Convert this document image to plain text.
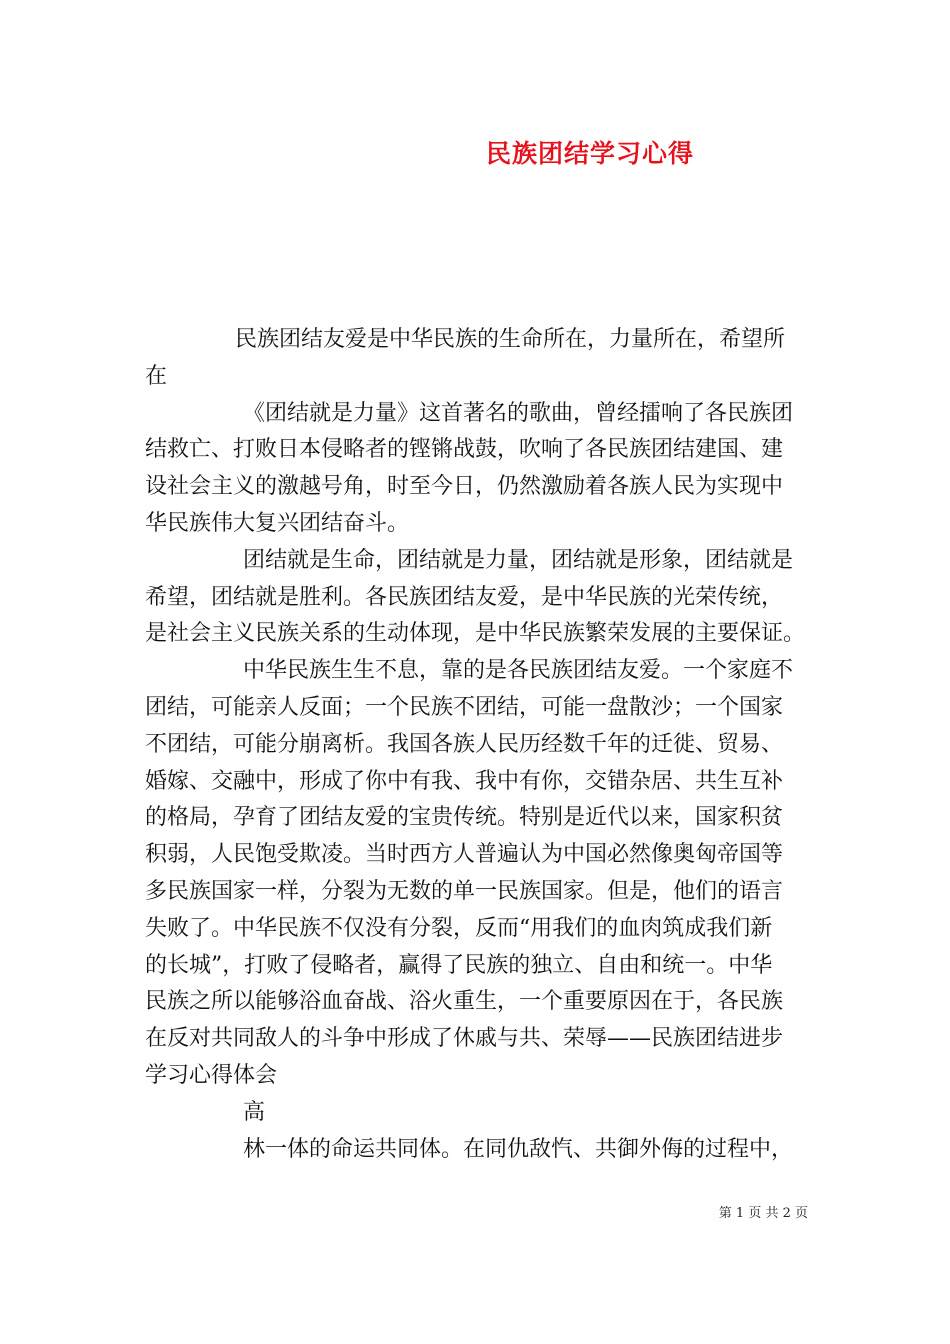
民族团结学习心得
民族团结友爱是中华民族的生命所在，力量所在，希望所
在
《团结就是力量》这首著名的歌曲，曾经擂响了各民族团
结救亡、打败日本侵略者的铿锵战鼓，吹响了各民族团结建国、建
设社会主义的激越号角，时至今日，仍然激励着各族人民为实现中
华民族伟大复兴团结奋斗。
团结就是生命，团结就是力量，团结就是形象，团结就是
希望，团结就是胜利。各民族团结友爱，是中华民族的光荣传统，
是社会主义民族关系的生动体现，是中华民族繁荣发展的主要保证。
中华民族生生不息，靠的是各民族团结友爱。一个家庭不
团结，可能亲人反面；一个民族不团结，可能一盘散沙；一个国家
不团结，可能分崩离析。我国各族人民历经数千年的迁徙、贸易、
婚嫁、交融中，形成了你中有我、我中有你，交错杂居、共生互补
的格局，孕育了团结友爱的宝贵传统。特别是近代以来，国家积贫
积弱，人民饱受欺凌。当时西方人普遍认为中国必然像奥匈帝国等
多民族国家一样，分裂为无数的单一民族国家。但是，他们的语言
失败了。中华民族不仅没有分裂，反而“用我们的血肉筑成我们新
的长城”，打败了侵略者，赢得了民族的独立、自由和统一。中华
民族之所以能够浴血奋战、浴火重生，一个重要原因在于，各民族
在反对共同敌人的斗争中形成了休戚与共、荣辱——民族团结进步
学习心得体会
高
林一体的命运共同体。在同仇敌忾、共御外侮的过程中，
第 1 页 共 2 页
